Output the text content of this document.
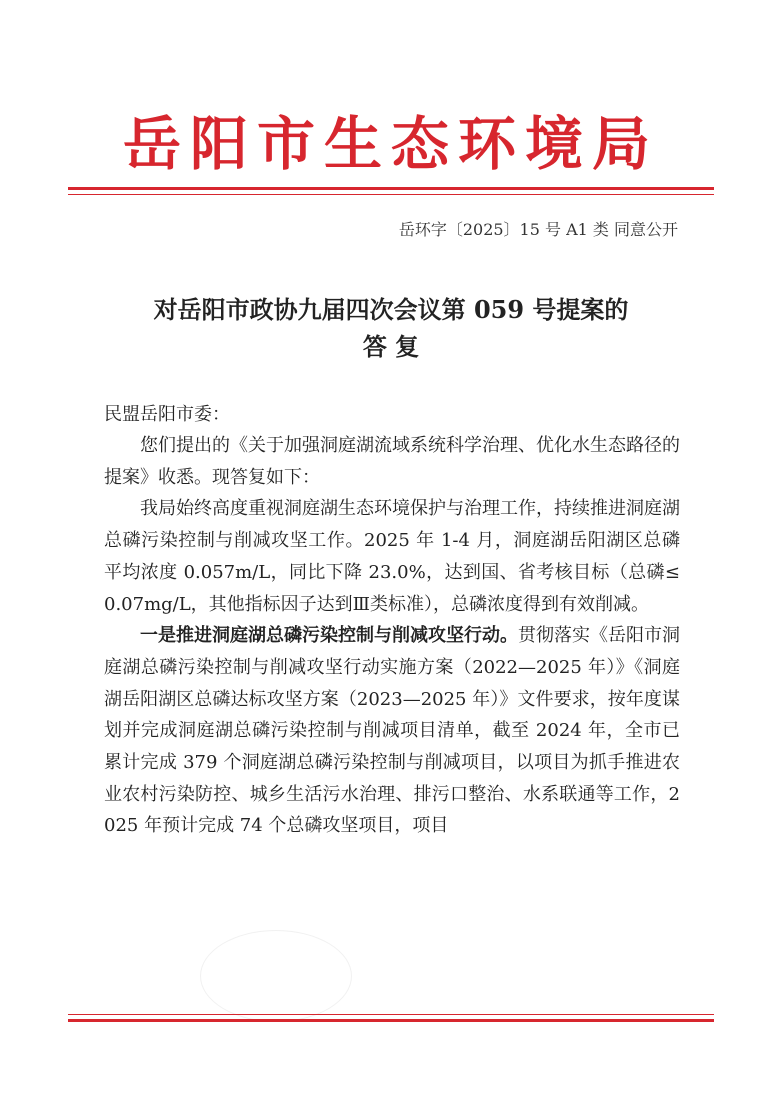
岳阳市生态环境局
岳环字〔2025〕15 号 A1 类 同意公开
对岳阳市政协九届四次会议第 059 号提案的
答 复
民盟岳阳市委：

您们提出的《关于加强洞庭湖流域系统科学治理、优化水生态路径的提案》收悉。现答复如下：

我局始终高度重视洞庭湖生态环境保护与治理工作，持续推进洞庭湖总磷污染控制与削减攻坚工作。2025 年 1-4 月，洞庭湖岳阳湖区总磷平均浓度 0.057m/L，同比下降 23.0%，达到国、省考核目标（总磷≤0.07mg/L，其他指标因子达到Ⅲ类标准），总磷浓度得到有效削减。

一是推进洞庭湖总磷污染控制与削减攻坚行动。贯彻落实《岳阳市洞庭湖总磷污染控制与削减攻坚行动实施方案（2022—2025 年）》《洞庭湖岳阳湖区总磷达标攻坚方案（2023—2025 年）》文件要求，按年度谋划并完成洞庭湖总磷污染控制与削减项目清单，截至 2024 年，全市已累计完成 379 个洞庭湖总磷污染控制与削减项目，以项目为抓手推进农业农村污染防控、城乡生活污水治理、排污口整治、水系联通等工作，2025 年预计完成 74 个总磷攻坚项目，项目
